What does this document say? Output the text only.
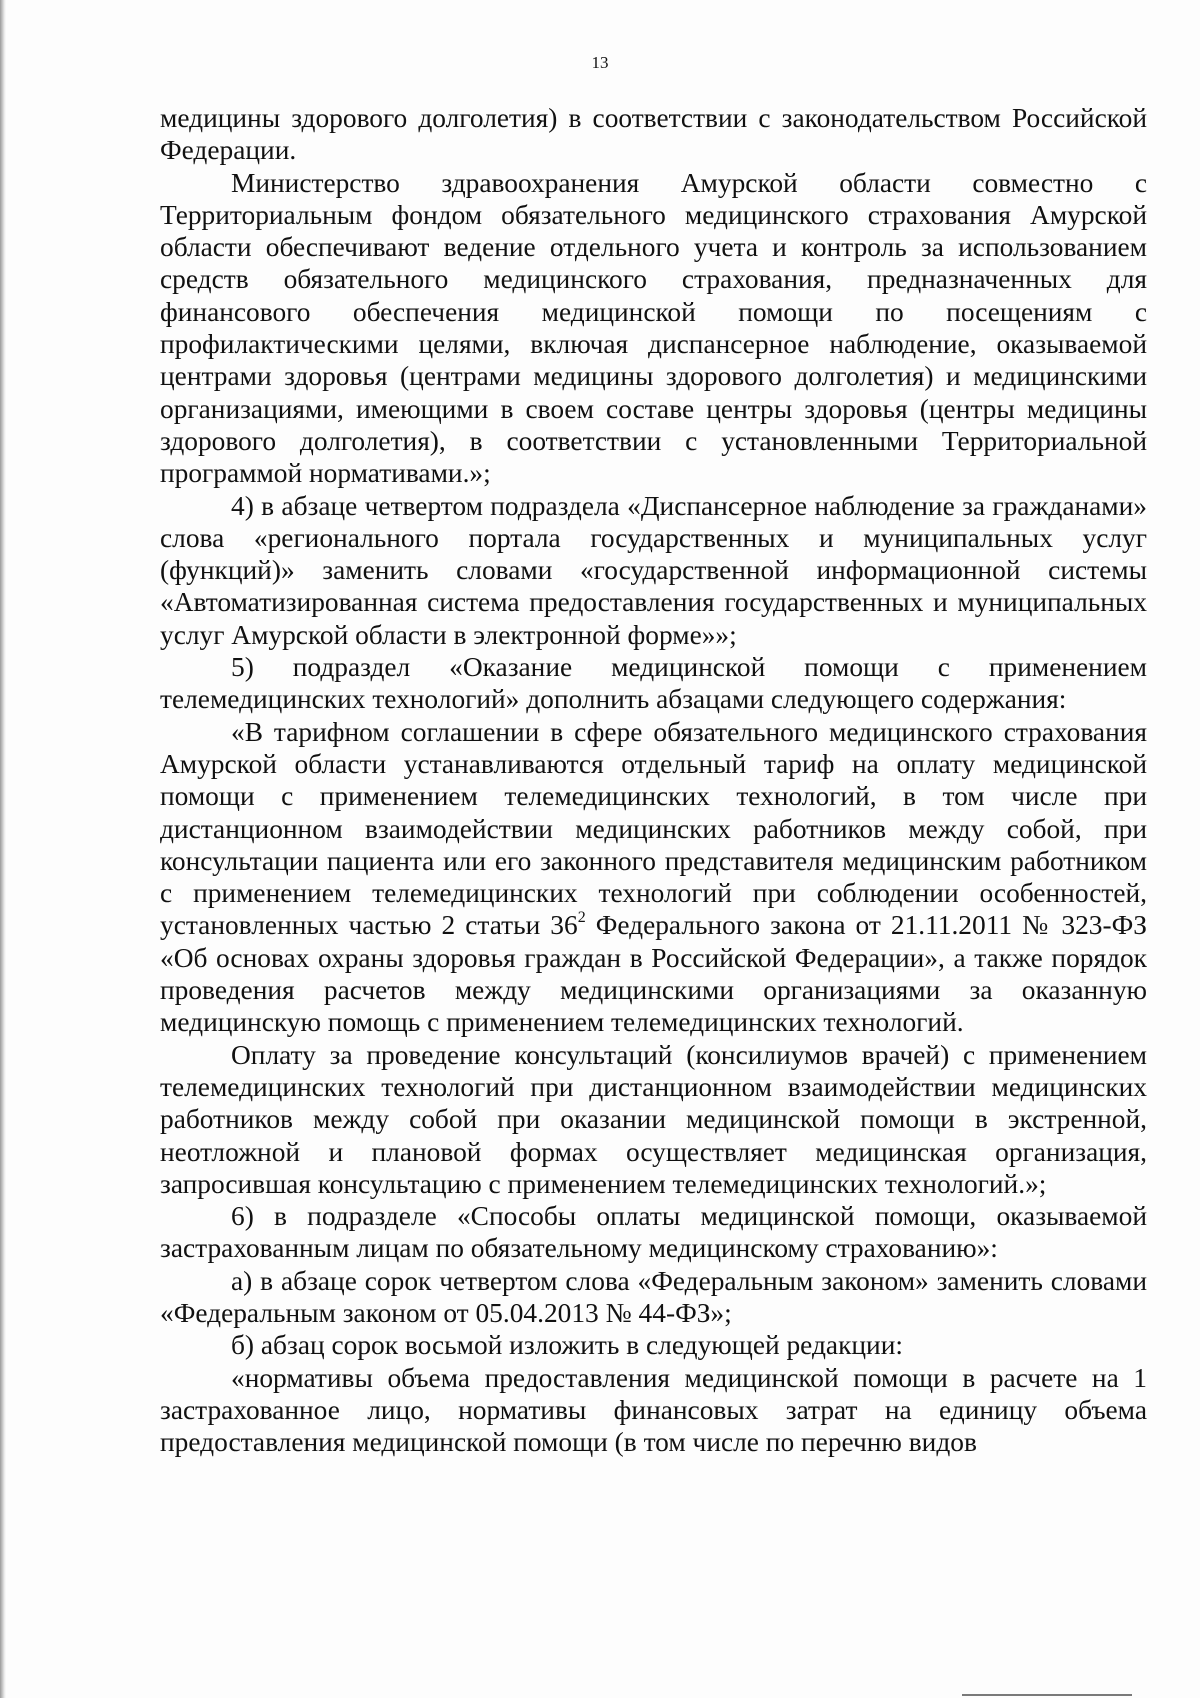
13

медицины здорового долголетия) в соответствии с законодательством Российской Федерации.

Министерство здравоохранения Амурской области совместно с Территориальным фондом обязательного медицинского страхования Амурской области обеспечивают ведение отдельного учета и контроль за использованием средств обязательного медицинского страхования, предназначенных для финансового обеспечения медицинской помощи по посещениям с профилактическими целями, включая диспансерное наблюдение, оказываемой центрами здоровья (центрами медицины здорового долголетия) и медицинскими организациями, имеющими в своем составе центры здоровья (центры медицины здорового долголетия), в соответствии с установленными Территориальной программой нормативами.»;

4) в абзаце четвертом подраздела «Диспансерное наблюдение за гражданами» слова «регионального портала государственных и муниципальных услуг (функций)» заменить словами «государственной информационной системы «Автоматизированная система предоставления государственных и муниципальных услуг Амурской области в электронной форме»»;

5) подраздел «Оказание медицинской помощи с применением телемедицинских технологий» дополнить абзацами следующего содержания:

«В тарифном соглашении в сфере обязательного медицинского страхования Амурской области устанавливаются отдельный тариф на оплату медицинской помощи с применением телемедицинских технологий, в том числе при дистанционном взаимодействии медицинских работников между собой, при консультации пациента или его законного представителя медицинским работником с применением телемедицинских технологий при соблюдении особенностей, установленных частью 2 статьи $36^2$ Федерального закона от 21.11.2011 № 323-ФЗ «Об основах охраны здоровья граждан в Российской Федерации», а также порядок проведения расчетов между медицинскими организациями за оказанную медицинскую помощь с применением телемедицинских технологий.

Оплату за проведение консультаций (консилиумов врачей) с применением телемедицинских технологий при дистанционном взаимодействии медицинских работников между собой при оказании медицинской помощи в экстренной, неотложной и плановой формах осуществляет медицинская организация, запросившая консультацию с применением телемедицинских технологий.»;

6) в подразделе «Способы оплаты медицинской помощи, оказываемой застрахованным лицам по обязательному медицинскому страхованию»:

а) в абзаце сорок четвертом слова «Федеральным законом» заменить словами «Федеральным законом от 05.04.2013 № 44-ФЗ»;

б) абзац сорок восьмой изложить в следующей редакции:

«нормативы объема предоставления медицинской помощи в расчете на 1 застрахованное лицо, нормативы финансовых затрат на единицу объема предоставления медицинской помощи (в том числе по перечню видов
